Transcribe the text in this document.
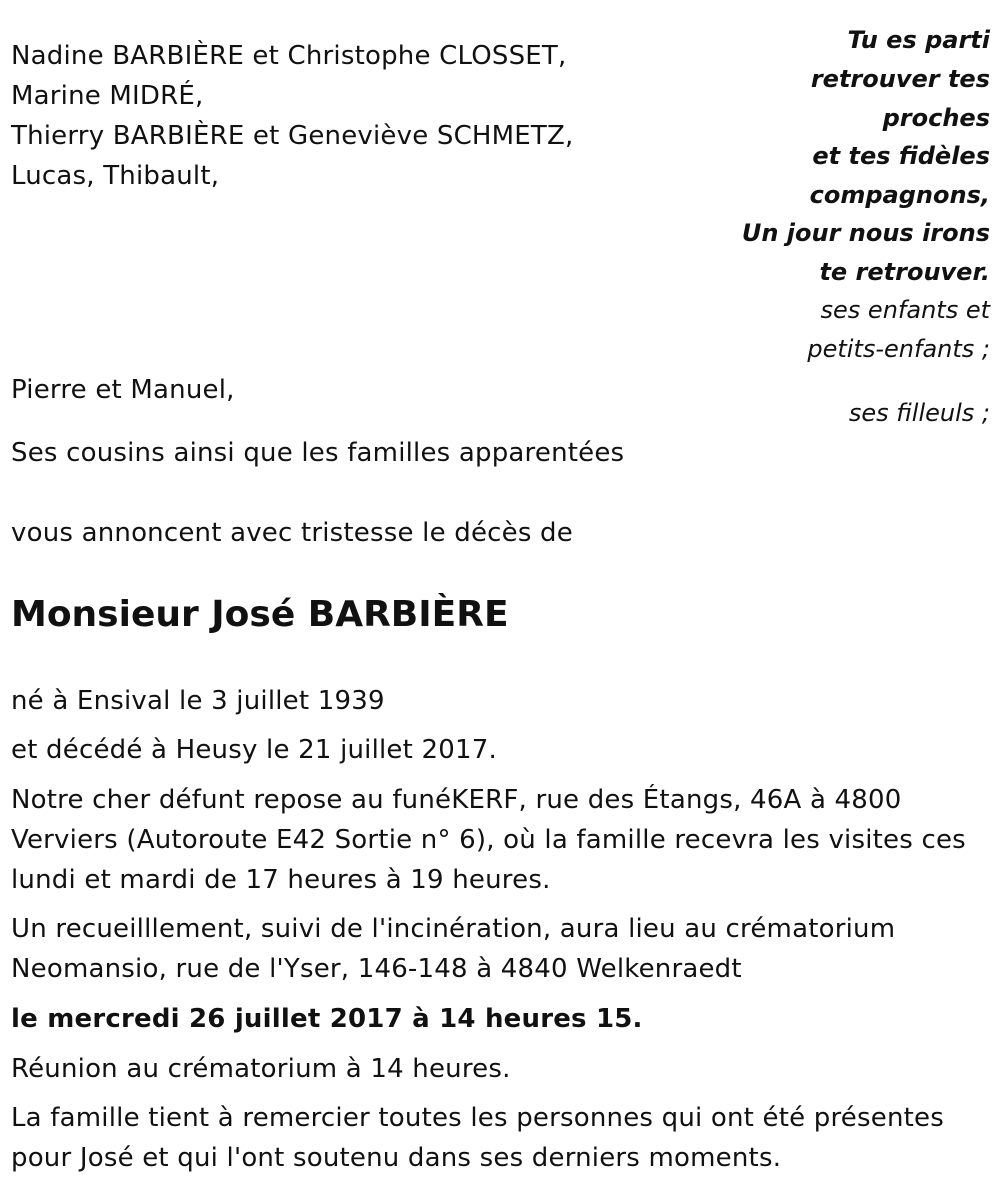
Nadine BARBIÈRE et Christophe CLOSSET,
Marine MIDRÉ,
Thierry BARBIÈRE et Geneviève SCHMETZ,
Lucas, Thibault,
Tu es parti
retrouver tes
proches
et tes fidèles
compagnons,
Un jour nous irons
te retrouver.
ses enfants et
petits-enfants ;
ses filleuls ;
Pierre et Manuel,
Ses cousins ainsi que les familles apparentées
vous annoncent avec tristesse le décès de
Monsieur José BARBIÈRE
né à Ensival le 3 juillet 1939
et décédé à Heusy le 21 juillet 2017.
Notre cher défunt repose au funéKERF, rue des Étangs, 46A à 4800
Verviers (Autoroute E42 Sortie n° 6), où la famille recevra les visites ces
lundi et mardi de 17 heures à 19 heures.
Un recueilllement, suivi de l'incinération, aura lieu au crématorium
Neomansio, rue de l'Yser, 146-148 à 4840 Welkenraedt
le mercredi 26 juillet 2017 à 14 heures 15.
Réunion au crématorium à 14 heures.
La famille tient à remercier toutes les personnes qui ont été présentes
pour José et qui l'ont soutenu dans ses derniers moments.
